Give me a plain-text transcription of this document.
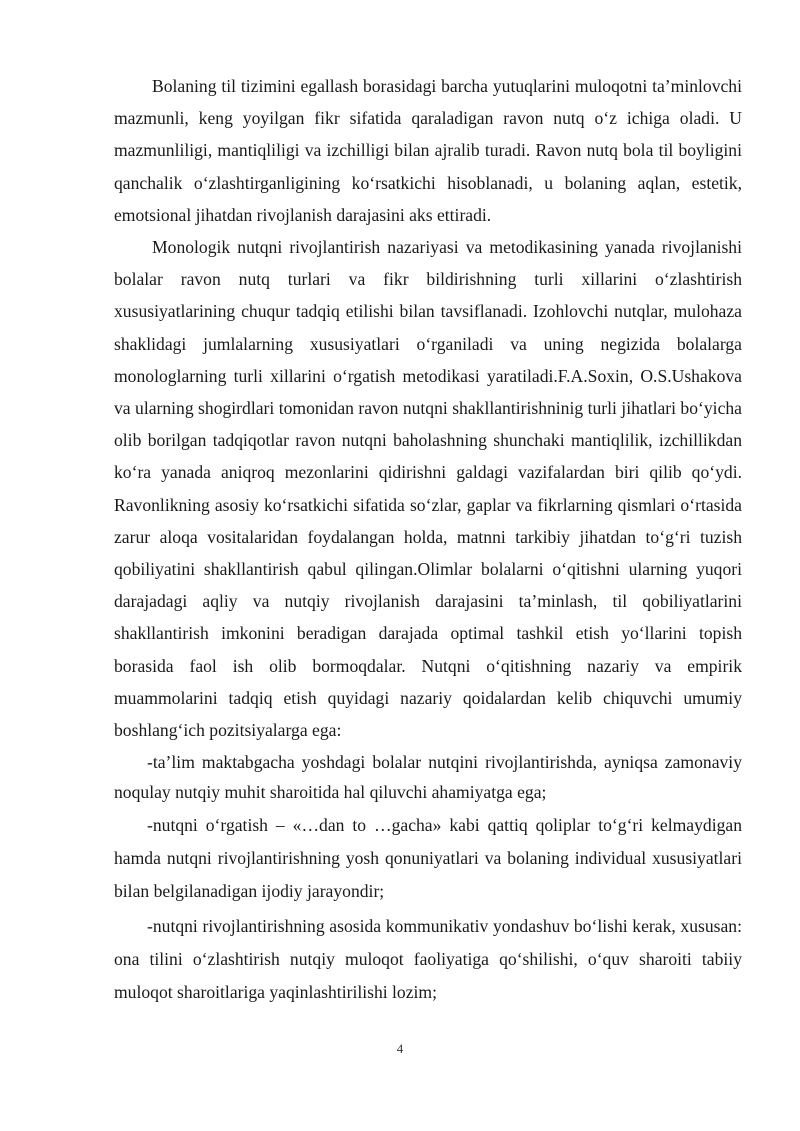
Bolaning til tizimini egallash borasidagi barcha yutuqlarini muloqotni ta’minlovchi mazmunli, keng yoyilgan fikr sifatida qaraladigan ravon nutq o‘z ichiga oladi. U mazmunliligi, mantiqliligi va izchilligi bilan ajralib turadi. Ravon nutq bola til boyligini qanchalik o‘zlashtirganligining ko‘rsatkichi hisoblanadi, u bolaning aqlan, estetik, emotsional jihatdan rivojlanish darajasini aks ettiradi.

Monologik nutqni rivojlantirish nazariyasi va metodikasining yanada rivojlanishi bolalar ravon nutq turlari va fikr bildirishning turli xillarini o‘zlashtirish xususiyatlarining chuqur tadqiq etilishi bilan tavsiflanadi. Izohlovchi nutqlar, mulohaza shaklidagi jumlalarning xususiyatlari o‘rganiladi va uning negizida bolalarga monologlarning turli xillarini o‘rgatish metodikasi yaratiladi.F.A.Soxin, O.S.Ushakova va ularning shogirdlari tomonidan ravon nutqni shakllantirishninig turli jihatlari bo‘yicha olib borilgan tadqiqotlar ravon nutqni baholashning shunchaki mantiqlilik, izchillikdan ko‘ra yanada aniqroq mezonlarini qidirishni galdagi vazifalardan biri qilib qo‘ydi. Ravonlikning asosiy ko‘rsatkichi sifatida so‘zlar, gaplar va fikrlarning qismlari o‘rtasida zarur aloqa vositalaridan foydalangan holda, matnni tarkibiy jihatdan to‘g‘ri tuzish qobiliyatini shakllantirish qabul qilingan.Olimlar bolalarni o‘qitishni ularning yuqori darajadagi aqliy va nutqiy rivojlanish darajasini ta’minlash, til qobiliyatlarini shakllantirish imkonini beradigan darajada optimal tashkil etish yo‘llarini topish borasida faol ish olib bormoqdalar. Nutqni o‘qitishning nazariy va empirik muammolarini tadqiq etish quyidagi nazariy qoidalardan kelib chiquvchi umumiy boshlang‘ich pozitsiyalarga ega:

-ta’lim maktabgacha yoshdagi bolalar nutqini rivojlantirishda, ayniqsa zamonaviy noqulay nutqiy muhit sharoitida hal qiluvchi ahamiyatga ega;

-nutqni o‘rgatish – «…dan to …gacha» kabi qattiq qoliplar to‘g‘ri kelmaydigan hamda nutqni rivojlantirishning yosh qonuniyatlari va bolaning individual xususiyatlari bilan belgilanadigan ijodiy jarayondir;

-nutqni rivojlantirishning asosida kommunikativ yondashuv bo‘lishi kerak, xususan: ona tilini o‘zlashtirish nutqiy muloqot faoliyatiga qo‘shilishi, o‘quv sharoiti tabiiy muloqot sharoitlariga yaqinlashtirilishi lozim;

4
